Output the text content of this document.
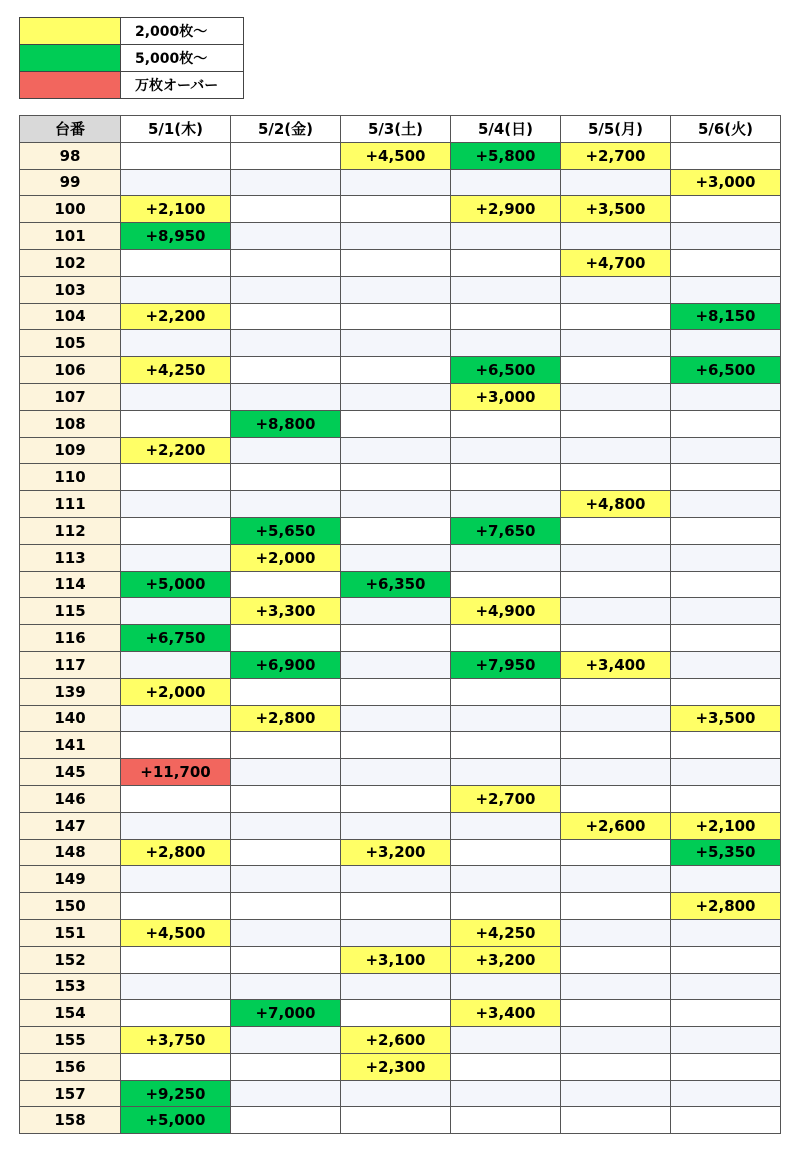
	2,000枚〜
	5,000枚〜
	万枚オーバー
台番	5/1(木)	5/2(金)	5/3(土)	5/4(日)	5/5(月)	5/6(火)
98			+4,500	+5,800	+2,700	
99						+3,000
100	+2,100			+2,900	+3,500	
101	+8,950					
102					+4,700	
103						
104	+2,200					+8,150
105						
106	+4,250			+6,500		+6,500
107				+3,000		
108		+8,800				
109	+2,200					
110						
111					+4,800	
112		+5,650		+7,650		
113		+2,000				
114	+5,000		+6,350			
115		+3,300		+4,900		
116	+6,750					
117		+6,900		+7,950	+3,400	
139	+2,000					
140		+2,800				+3,500
141						
145	+11,700					
146				+2,700		
147					+2,600	+2,100
148	+2,800		+3,200			+5,350
149						
150						+2,800
151	+4,500			+4,250		
152			+3,100	+3,200		
153						
154		+7,000		+3,400		
155	+3,750		+2,600			
156			+2,300			
157	+9,250					
158	+5,000					
